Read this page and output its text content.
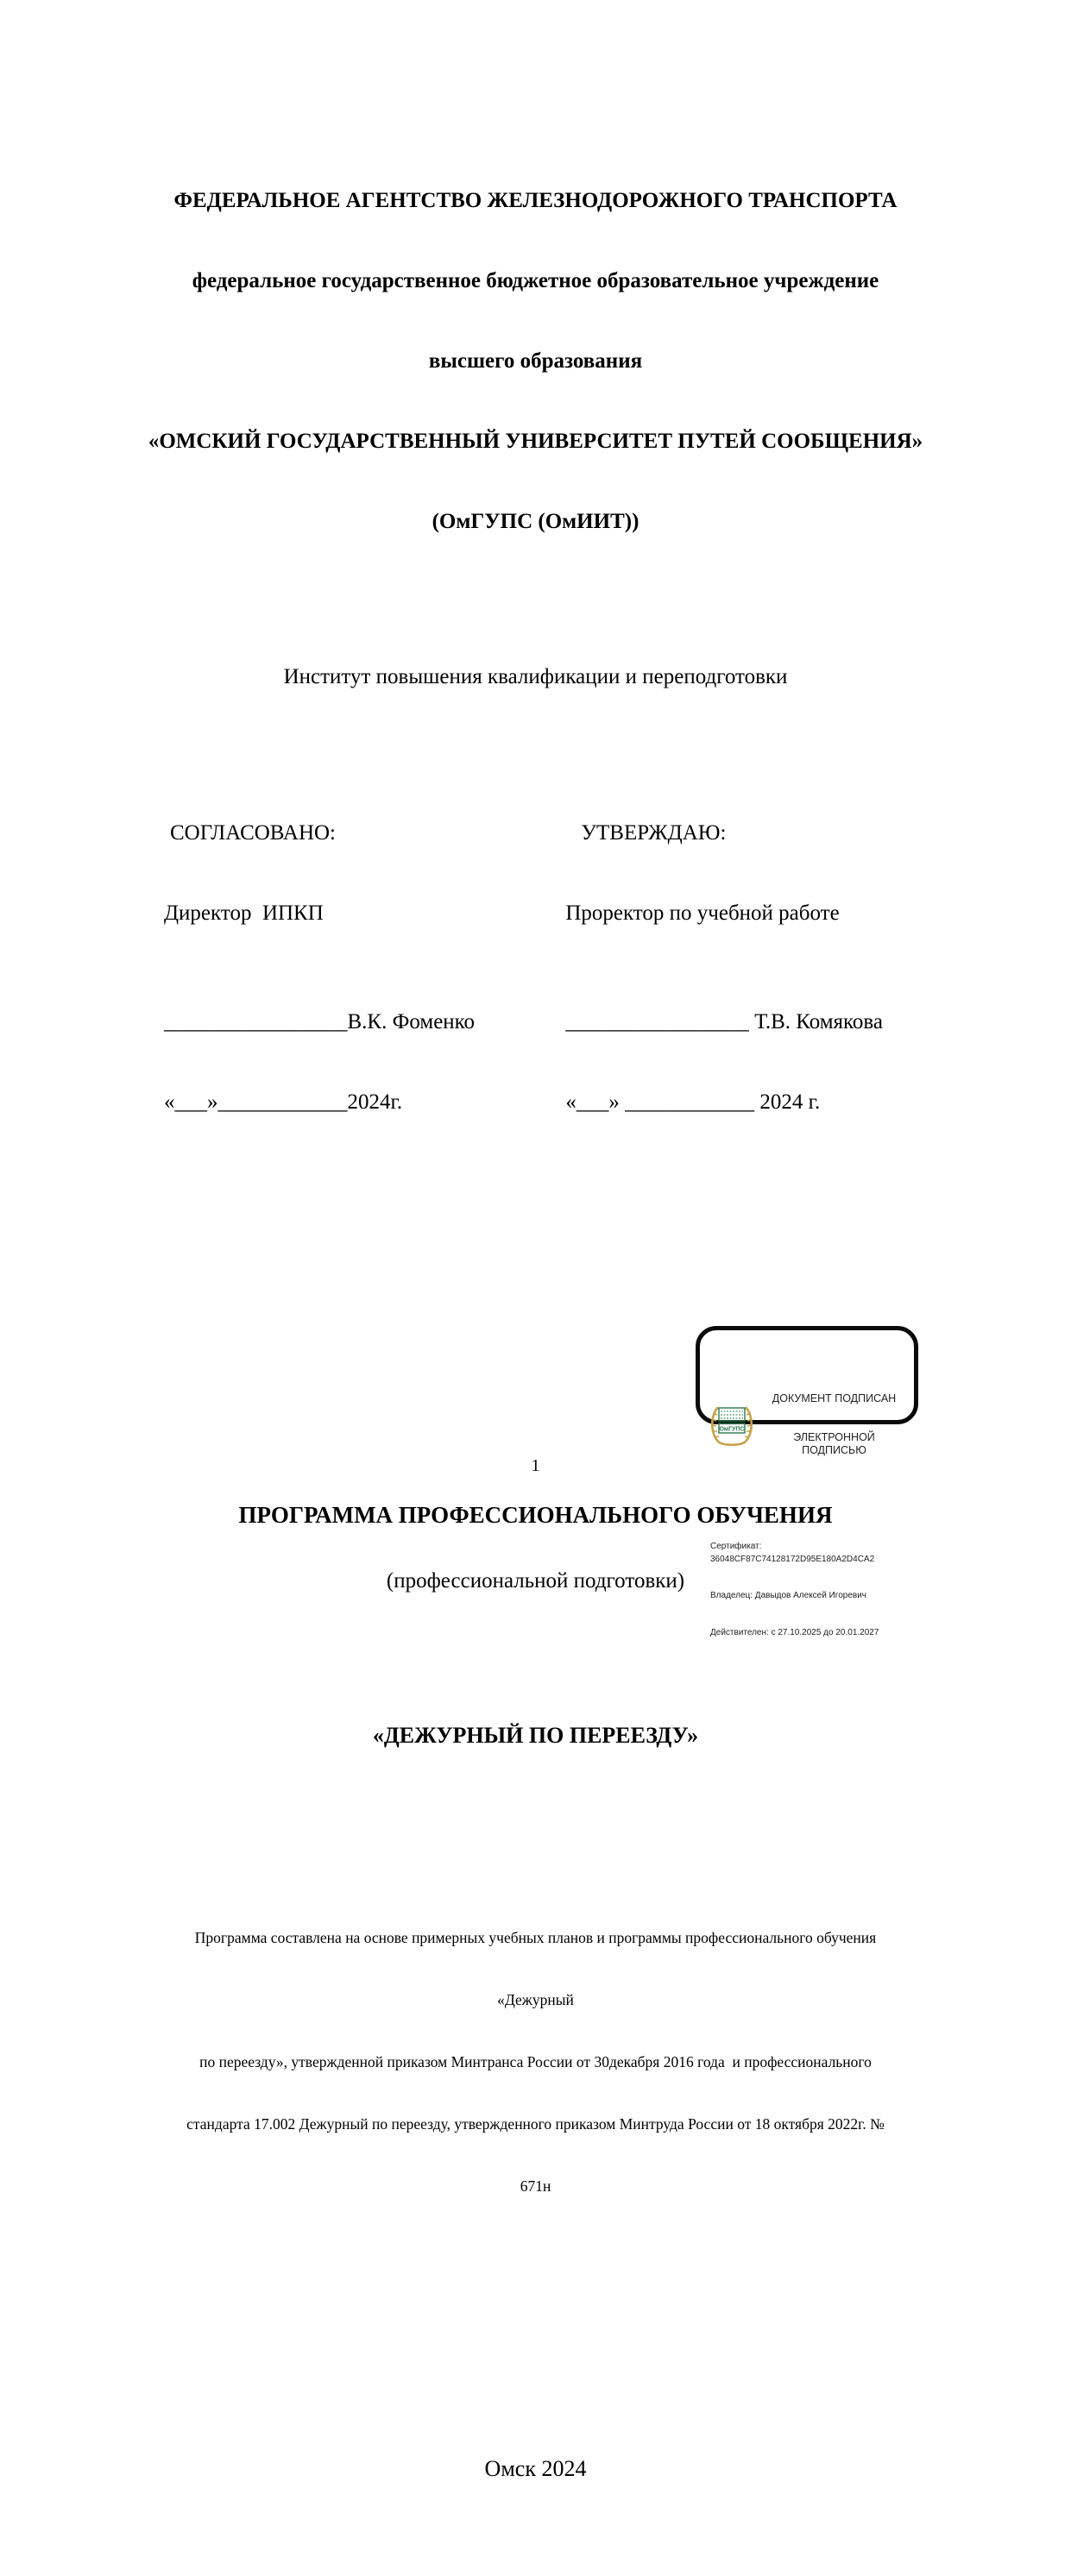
ФЕДЕРАЛЬНОЕ АГЕНТСТВО ЖЕЛЕЗНОДОРОЖНОГО ТРАНСПОРТА

федеральное государственное бюджетное образовательное учреждение

высшего образования

«ОМСКИЙ ГОСУДАРСТВЕННЫЙ УНИВЕРСИТЕТ ПУТЕЙ СООБЩЕНИЯ»

(ОмГУПС (ОмИИТ))

Институт повышения квалификации и переподготовки

СОГЛАСОВАНО:

Директор  ИПКП

_________________В.К. Фоменко

«___»____________2024г.

УТВЕРЖДАЮ:

Проректор по учебной работе

_________________ Т.В. Комякова

«___» ____________ 2024 г.

ПРОГРАММА ПРОФЕССИОНАЛЬНОГО ОБУЧЕНИЯ

(профессиональной подготовки)

«ДЕЖУРНЫЙ ПО ПЕРЕЕЗДУ»

Программа составлена на основе примерных учебных планов и программы профессионального обучения

«Дежурный

по переезду», утвержденной приказом Минтранса России от 30декабря 2016 года  и профессионального

стандарта 17.002 Дежурный по переезду, утвержденного приказом Минтруда России от 18 октября 2022г. №

671н

Омск 2024

ОмГУПС

ДОКУМЕНТ ПОДПИСАН

ЭЛЕКТРОННОЙ ПОДПИСЬЮ

Сертификат: 36048CF87C74128172D95E180A2D4CA2

Владелец: Давыдов Алексей Игоревич

Действителен: с 27.10.2025 до 20.01.2027

1
